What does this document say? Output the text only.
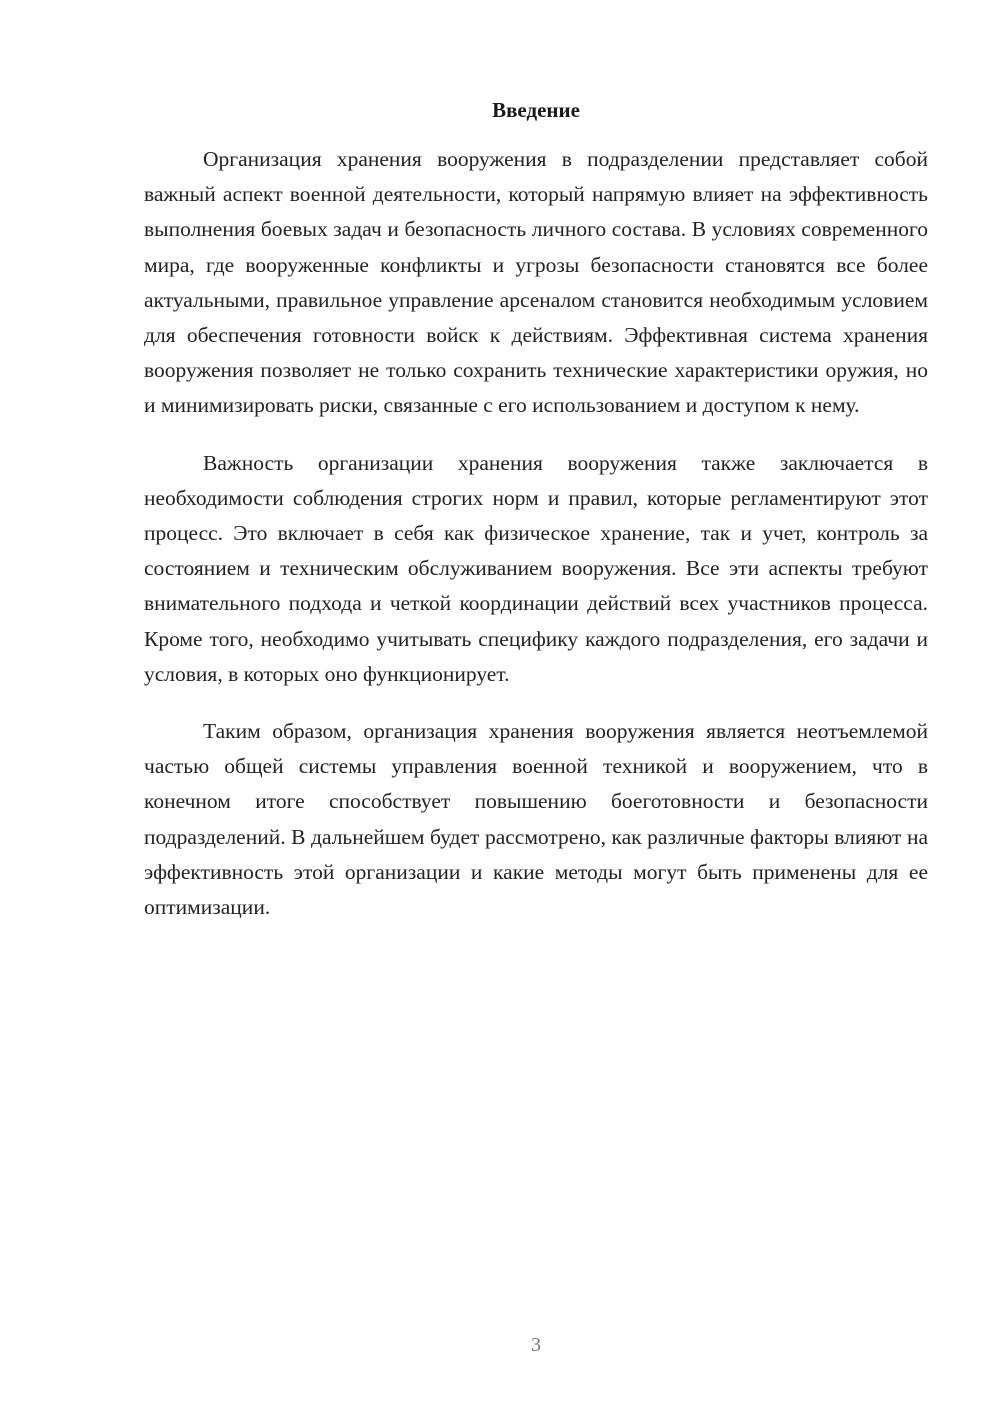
Введение

Организация хранения вооружения в подразделении представляет собой важный аспект военной деятельности, который напрямую влияет на эффективность выполнения боевых задач и безопасность личного состава. В условиях современного мира, где вооруженные конфликты и угрозы безопасности становятся все более актуальными, правильное управление арсеналом становится необходимым условием для обеспечения готовности войск к действиям. Эффективная система хранения вооружения позволяет не только сохранить технические характеристики оружия, но и минимизировать риски, связанные с его использованием и доступом к нему.

Важность организации хранения вооружения также заключается в необходимости соблюдения строгих норм и правил, которые регламентируют этот процесс. Это включает в себя как физическое хранение, так и учет, контроль за состоянием и техническим обслуживанием вооружения. Все эти аспекты требуют внимательного подхода и четкой координации действий всех участников процесса. Кроме того, необходимо учитывать специфику каждого подразделения, его задачи и условия, в которых оно функционирует.

Таким образом, организация хранения вооружения является неотъемлемой частью общей системы управления военной техникой и вооружением, что в конечном итоге способствует повышению боеготовности и безопасности подразделений. В дальнейшем будет рассмотрено, как различные факторы влияют на эффективность этой организации и какие методы могут быть применены для ее оптимизации.

3
